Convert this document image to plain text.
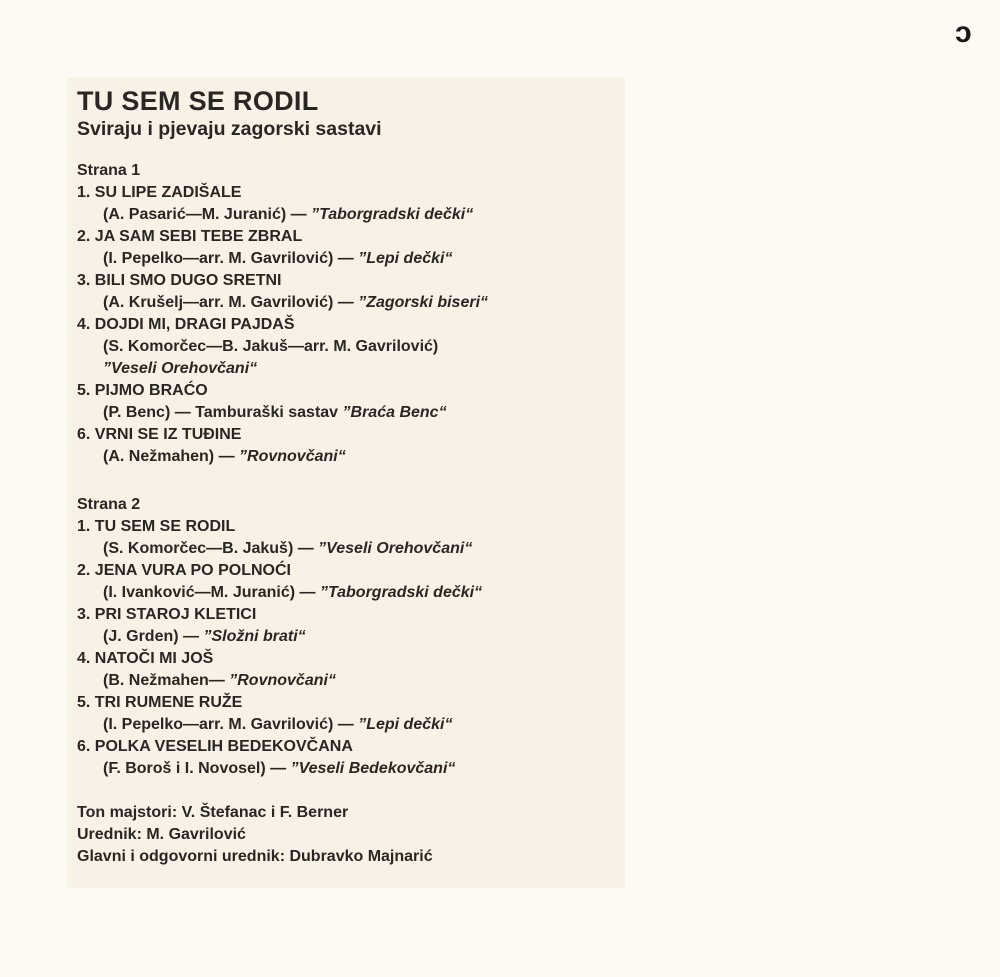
ɔ
TU SEM SE RODIL
Sviraju i pjevaju zagorski sastavi
Strana 1
1. SU LIPE ZADIŠALE
(A. Pasarić—M. Juranić) — ”Taborgradski dečki“
2. JA SAM SEBI TEBE ZBRAL
(I. Pepelko—arr. M. Gavrilović) — ”Lepi dečki“
3. BILI SMO DUGO SRETNI
(A. Krušelj—arr. M. Gavrilović) — ”Zagorski biseri“
4. DOJDI MI, DRAGI PAJDAŠ
(S. Komorčec—B. Jakuš—arr. M. Gavrilović)
”Veseli Orehovčani“
5. PIJMO BRAĆO
(P. Benc) — Tamburaški sastav ”Braća Benc“
6. VRNI SE IZ TUĐINE
(A. Nežmahen) — ”Rovnovčani“
Strana 2
1. TU SEM SE RODIL
(S. Komorčec—B. Jakuš) — ”Veseli Orehovčani“
2. JENA VURA PO POLNOĆI
(I. Ivanković—M. Juranić) — ”Taborgradski dečki“
3. PRI STAROJ KLETICI
(J. Grden) — ”Složni brati“
4. NATOČI MI JOŠ
(B. Nežmahen— ”Rovnovčani“
5. TRI RUMENE RUŽE
(I. Pepelko—arr. M. Gavrilović) — ”Lepi dečki“
6. POLKA VESELIH BEDEKOVČANA
(F. Boroš i I. Novosel) — ”Veseli Bedekovčani“
Ton majstori: V. Štefanac i F. Berner
Urednik: M. Gavrilović
Glavni i odgovorni urednik: Dubravko Majnarić
